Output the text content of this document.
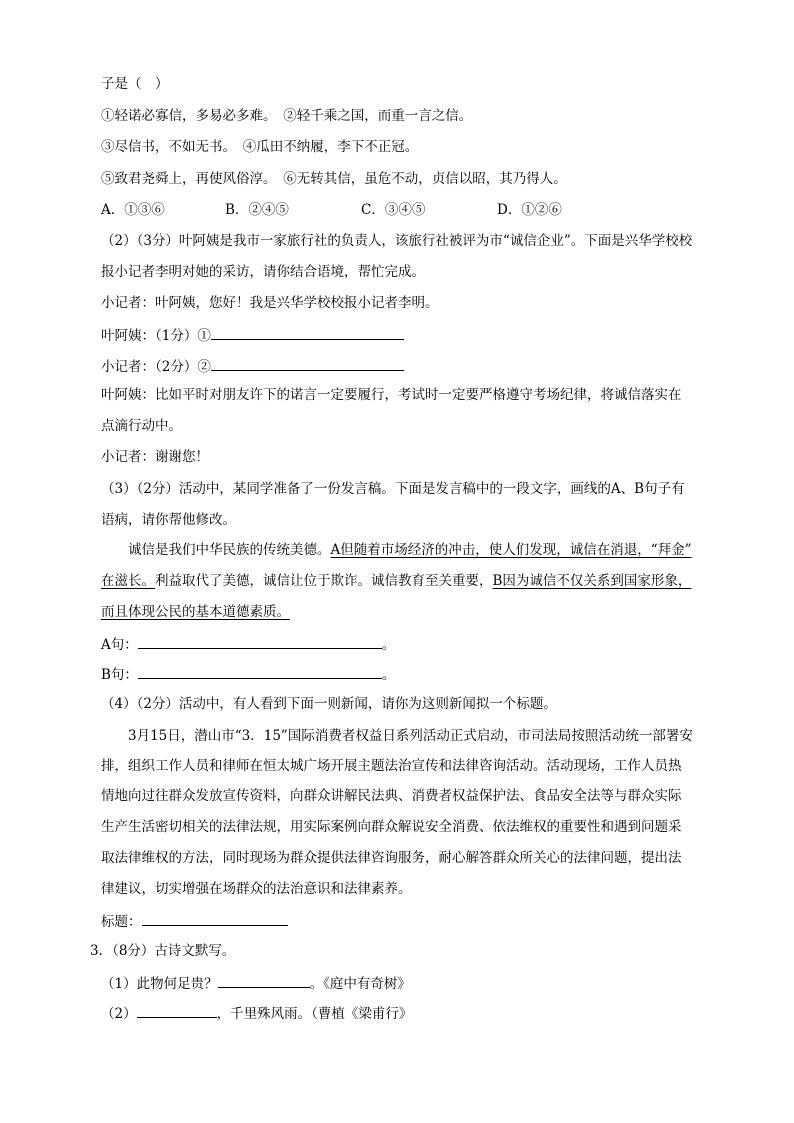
子是（　）
①轻诺必寡信，多易必多难。　②轻千乘之国，而重一言之信。
③尽信书，不如无书。　④瓜田不纳履，李下不正冠。
⑤致君尧舜上，再使风俗淳。　⑥无转其信，虽危不动，贞信以昭，其乃得人。
A．①③⑥	B．②④⑤	C．③④⑤	D．①②⑥
（2）（3分）叶阿姨是我市一家旅行社的负责人，该旅行社被评为市“诚信企业”。下面是兴华学校校
报小记者李明对她的采访，请你结合语境，帮忙完成。
小记者：叶阿姨，您好！我是兴华学校校报小记者李明。
叶阿姨：（1分）①
小记者：（2分）②
叶阿姨：比如平时对朋友许下的诺言一定要履行，考试时一定要严格遵守考场纪律，将诚信落实在
点滴行动中。
小记者：谢谢您！
（3）（2分）活动中，某同学准备了一份发言稿。下面是发言稿中的一段文字，画线的A、B句子有
语病，请你帮他修改。
诚信是我们中华民族的传统美德。A但随着市场经济的冲击，使人们发现，诚信在消退，“拜金”
在滋长。利益取代了美德，诚信让位于欺诈。诚信教育至关重要，B因为诚信不仅关系到国家形象，
而且体现公民的基本道德素质。
A句：	。
B句：	。
（4）（2分）活动中，有人看到下面一则新闻，请你为这则新闻拟一个标题。
3月15日，潜山市“3．15”国际消费者权益日系列活动正式启动，市司法局按照活动统一部署安
排，组织工作人员和律师在恒太城广场开展主题法治宣传和法律咨询活动。活动现场，工作人员热
情地向过往群众发放宣传资料，向群众讲解民法典、消费者权益保护法、食品安全法等与群众实际
生产生活密切相关的法律法规，用实际案例向群众解说安全消费、依法维权的重要性和遇到问题采
取法律维权的方法，同时现场为群众提供法律咨询服务，耐心解答群众所关心的法律问题，提出法
律建议，切实增强在场群众的法治意识和法律素养。
标题：
3．（8分）古诗文默写。
（1）此物何足贵？	。《庭中有奇树》
（2）	，千里殊风雨。（曹植《梁甫行》
